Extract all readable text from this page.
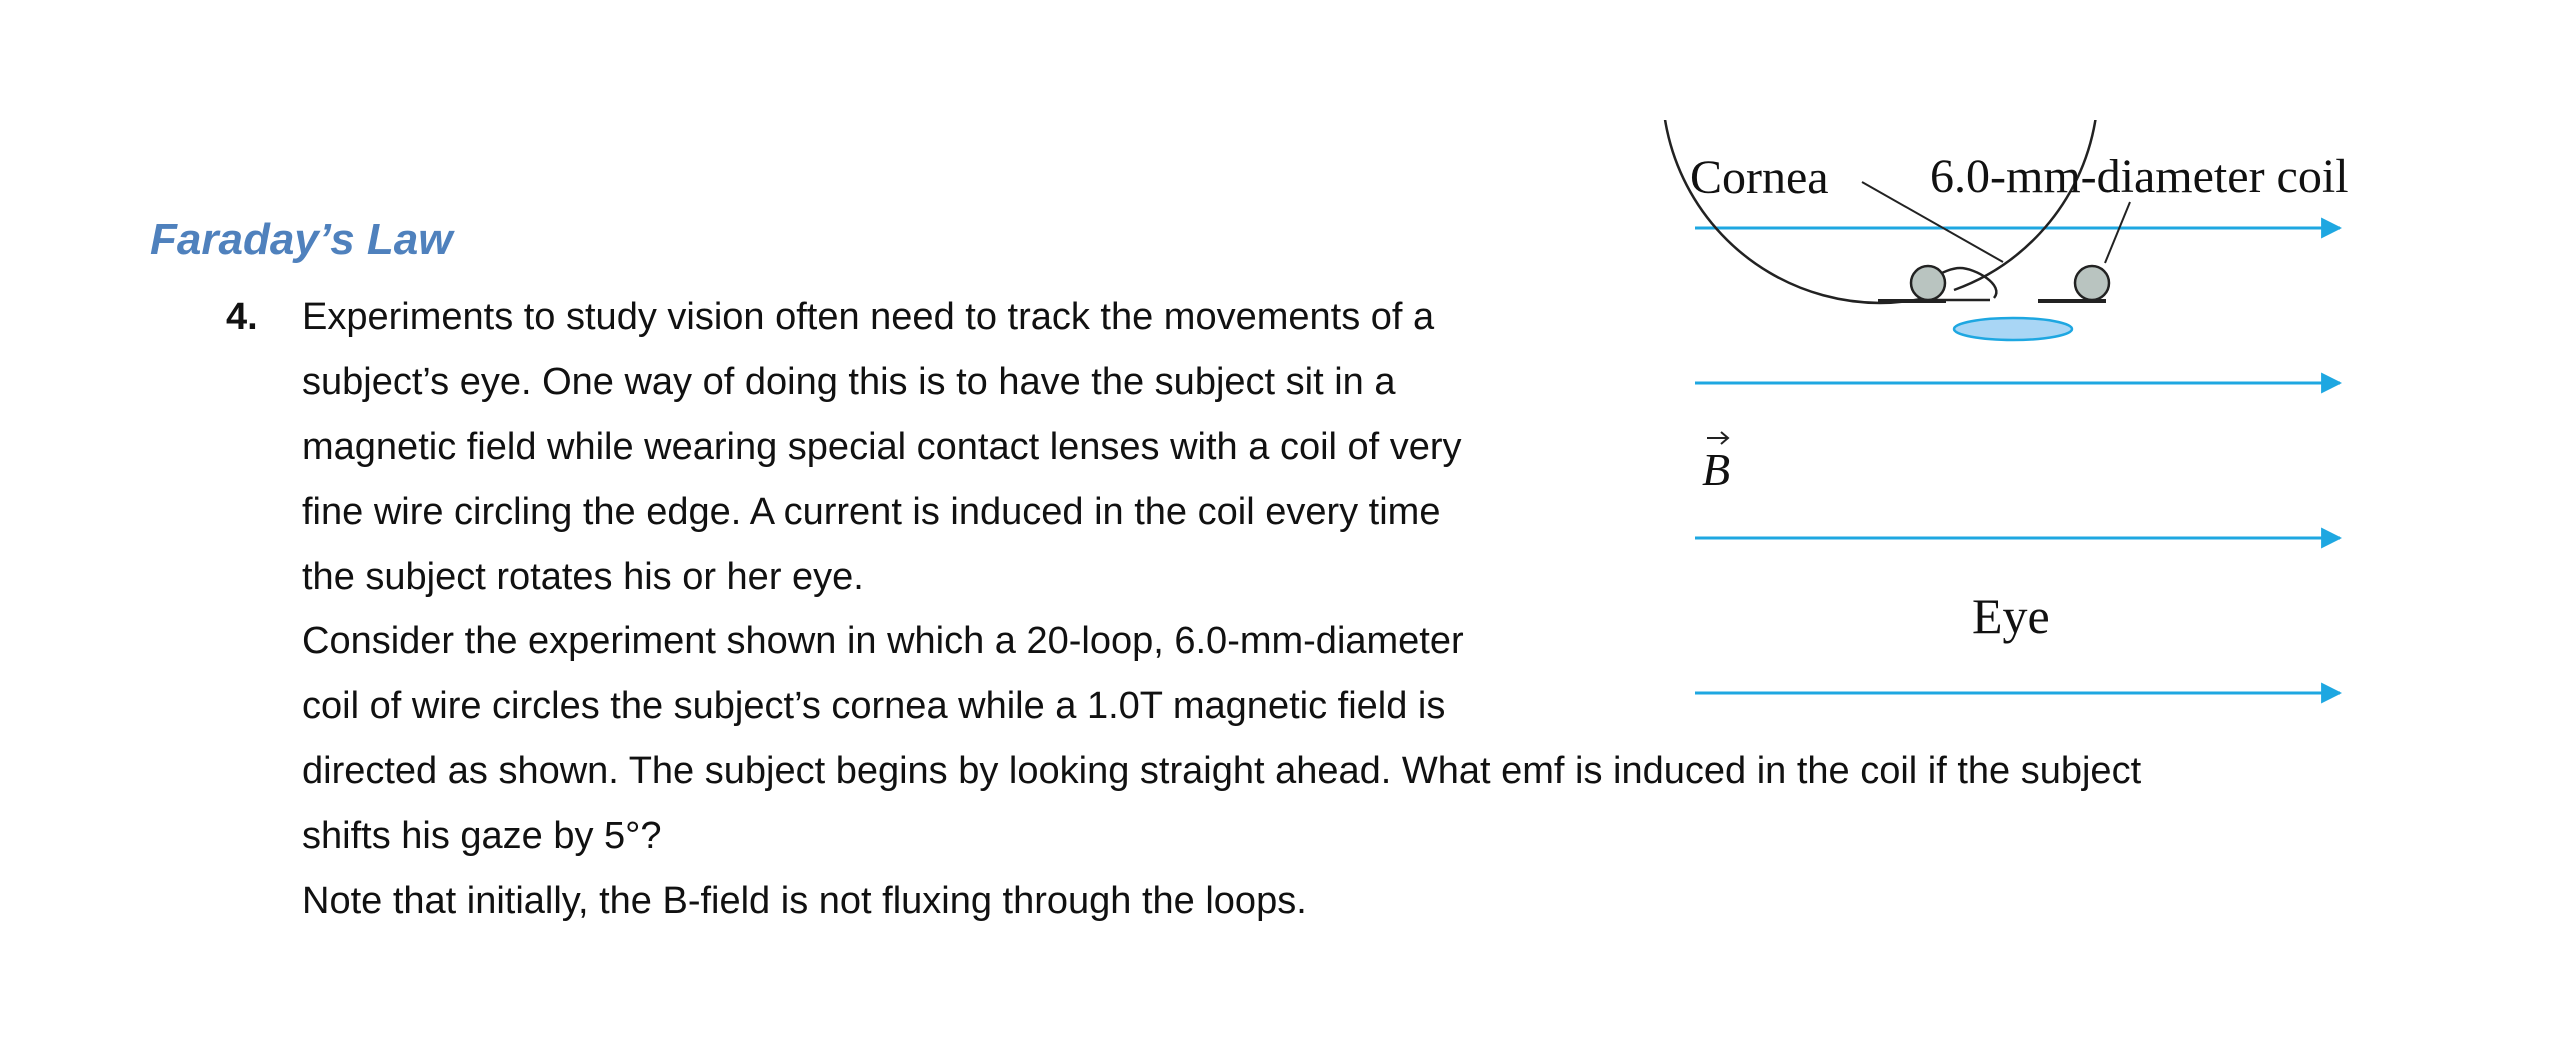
Faraday’s Law
4. Experiments to study vision often need to track the movements of a
subject’s eye. One way of doing this is to have the subject sit in a
magnetic field while wearing special contact lenses with a coil of very
fine wire circling the edge. A current is induced in the coil every time
the subject rotates his or her eye.
Consider the experiment shown in which a 20-loop, 6.0-mm-diameter
coil of wire circles the subject’s cornea while a 1.0T magnetic field is
directed as shown. The subject begins by looking straight ahead. What emf is induced in the coil if the subject
shifts his gaze by 5°?
Note that initially, the B-field is not fluxing through the loops.
Cornea 6.0-mm-diameter coil
B
Eye
